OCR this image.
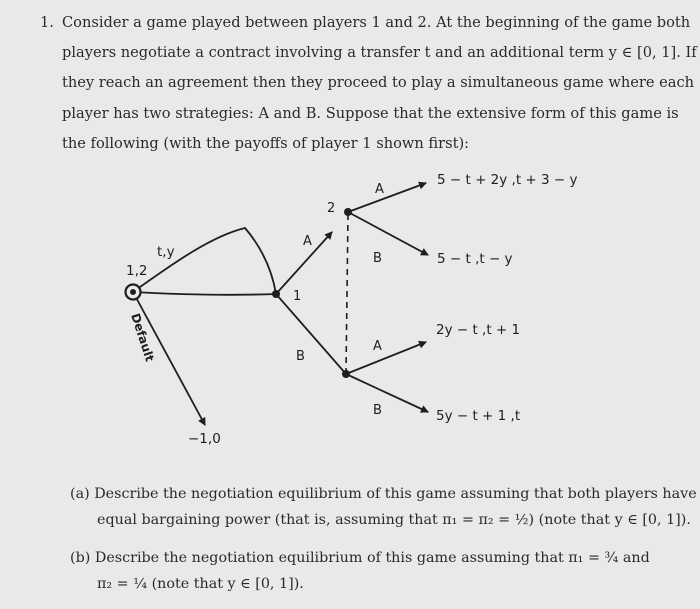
1. Consider a game played between players 1 and 2. At the beginning of the game both
players negotiate a contract involving a transfer t and an additional term y ∈ [0, 1]. If
they reach an agreement then they proceed to play a simultaneous game where each
player has two strategies: A and B. Suppose that the extensive form of this game is
the following (with the payoffs of player 1 shown first):
1,2
t,y
Default
−1,0
1
2
A
B
A
B
A
B
5 − t + 2y ,t + 3 − y
5 − t ,t − y
2y − t ,t + 1
5y − t + 1 ,t
(a) Describe the negotiation equilibrium of this game assuming that both players have
equal bargaining power (that is, assuming that π₁ = π₂ = ½) (note that y ∈ [0, 1]).
(b) Describe the negotiation equilibrium of this game assuming that π₁ = ¾ and
π₂ = ¼ (note that y ∈ [0, 1]).
